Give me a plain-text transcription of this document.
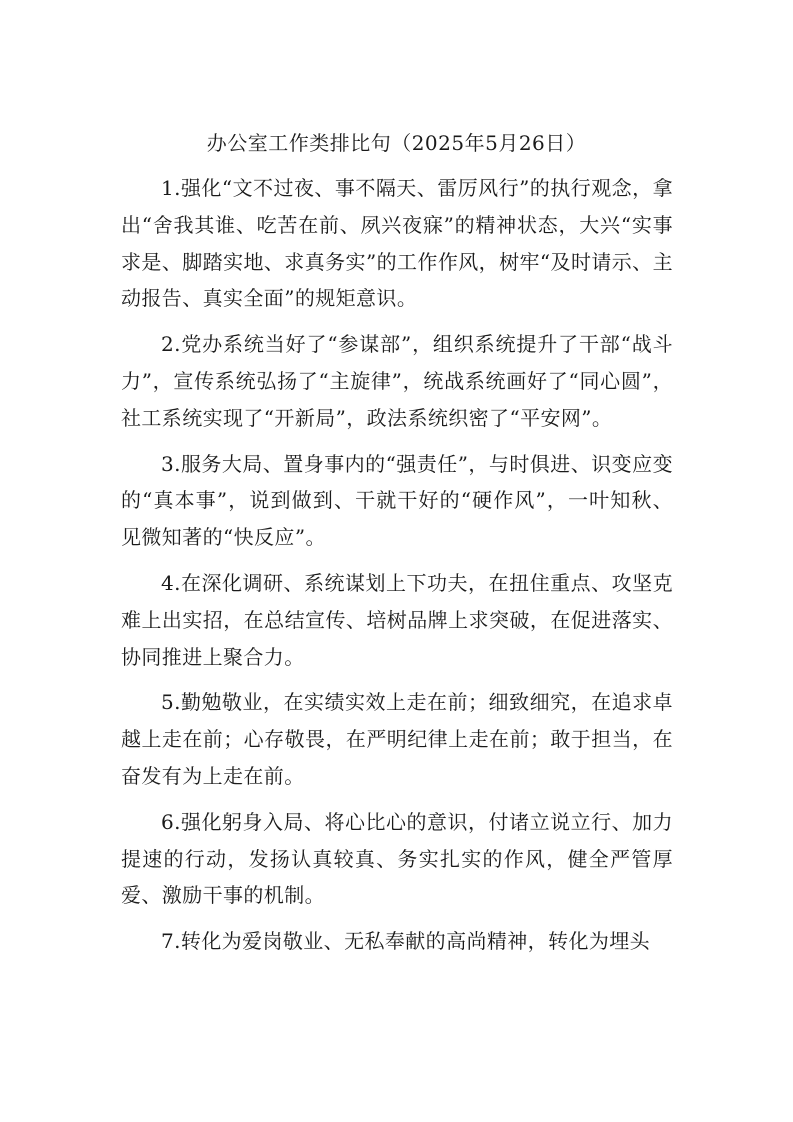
办公室工作类排比句（2025年5月26日）

1.强化“文不过夜、事不隔天、雷厉风行”的执行观念，拿出“舍我其谁、吃苦在前、夙兴夜寐”的精神状态，大兴“实事求是、脚踏实地、求真务实”的工作作风，树牢“及时请示、主动报告、真实全面”的规矩意识。

2.党办系统当好了“参谋部”，组织系统提升了干部“战斗力”，宣传系统弘扬了“主旋律”，统战系统画好了“同心圆”，社工系统实现了“开新局”，政法系统织密了“平安网”。

3.服务大局、置身事内的“强责任”，与时俱进、识变应变的“真本事”，说到做到、干就干好的“硬作风”，一叶知秋、见微知著的“快反应”。

4.在深化调研、系统谋划上下功夫，在扭住重点、攻坚克难上出实招，在总结宣传、培树品牌上求突破，在促进落实、协同推进上聚合力。

5.勤勉敬业，在实绩实效上走在前；细致细究，在追求卓越上走在前；心存敬畏，在严明纪律上走在前；敢于担当，在奋发有为上走在前。

6.强化躬身入局、将心比心的意识，付诸立说立行、加力提速的行动，发扬认真较真、务实扎实的作风，健全严管厚爱、激励干事的机制。

7.转化为爱岗敬业、无私奉献的高尚精神，转化为埋头
